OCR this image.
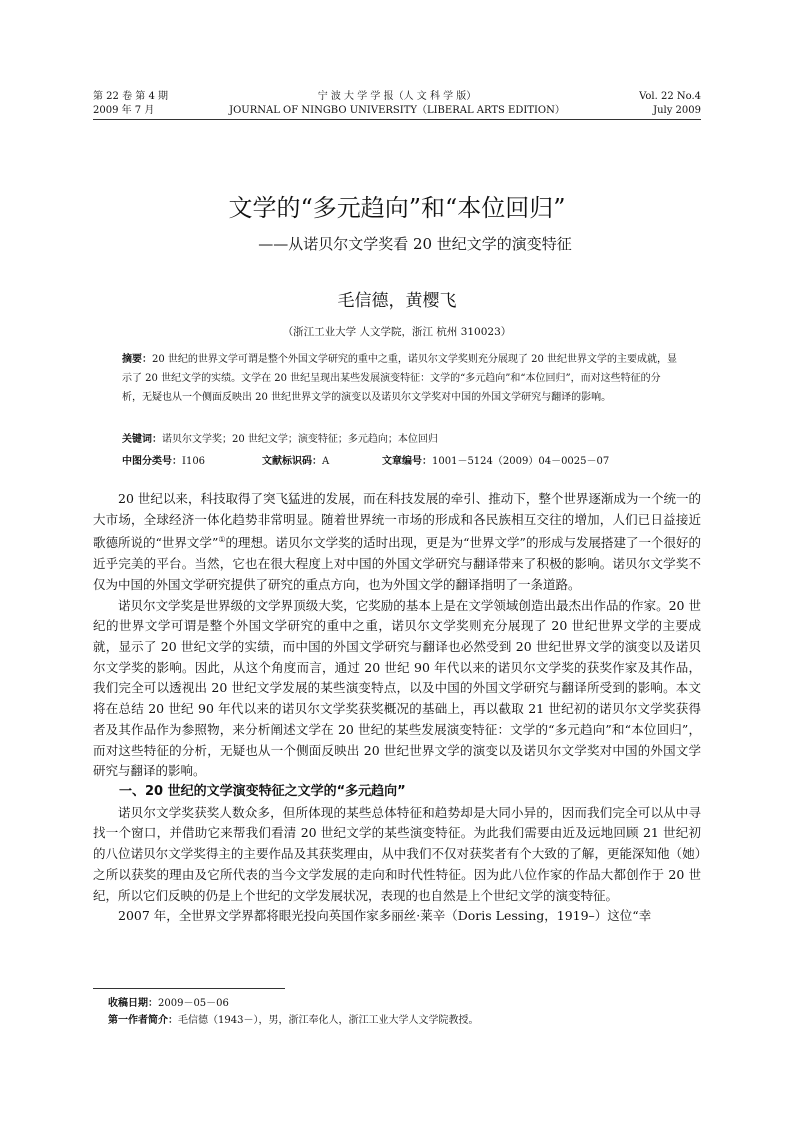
第 22 卷 第 4 期
2009 年 7 月
宁 波 大 学 学 报（人 文 科 学 版）
JOURNAL OF NINGBO UNIVERSITY（LIBERAL ARTS EDITION）
Vol. 22 No.4
July 2009
文学的“多元趋向”和“本位回归”
——从诺贝尔文学奖看 20 世纪文学的演变特征
毛信德，黄樱飞
（浙江工业大学 人文学院，浙江 杭州 310023）
摘要：20 世纪的世界文学可谓是整个外国文学研究的重中之重，诺贝尔文学奖则充分展现了 20 世纪世界文学的主要成就，显示了 20 世纪文学的实绩。文学在 20 世纪呈现出某些发展演变特征：文学的“多元趋向”和“本位回归”，而对这些特征的分析，无疑也从一个侧面反映出 20 世纪世界文学的演变以及诺贝尔文学奖对中国的外国文学研究与翻译的影响。
关键词：诺贝尔文学奖；20 世纪文学；演变特征；多元趋向；本位回归
中图分类号：I106	文献标识码：A	文章编号：1001－5124（2009）04－0025－07

20 世纪以来，科技取得了突飞猛进的发展，而在科技发展的牵引、推动下，整个世界逐渐成为一个统一的大市场，全球经济一体化趋势非常明显。随着世界统一市场的形成和各民族相互交往的增加，人们已日益接近歌德所说的“世界文学”①的理想。诺贝尔文学奖的适时出现，更是为“世界文学”的形成与发展搭建了一个很好的近乎完美的平台。当然，它也在很大程度上对中国的外国文学研究与翻译带来了积极的影响。诺贝尔文学奖不仅为中国的外国文学研究提供了研究的重点方向，也为外国文学的翻译指明了一条道路。

诺贝尔文学奖是世界级的文学界顶级大奖，它奖励的基本上是在文学领域创造出最杰出作品的作家。20 世纪的世界文学可谓是整个外国文学研究的重中之重，诺贝尔文学奖则充分展现了 20 世纪世界文学的主要成就，显示了 20 世纪文学的实绩，而中国的外国文学研究与翻译也必然受到 20 世纪世界文学的演变以及诺贝尔文学奖的影响。因此，从这个角度而言，通过 20 世纪 90 年代以来的诺贝尔文学奖的获奖作家及其作品，我们完全可以透视出 20 世纪文学发展的某些演变特点，以及中国的外国文学研究与翻译所受到的影响。本文将在总结 20 世纪 90 年代以来的诺贝尔文学奖获奖概况的基础上，再以截取 21 世纪初的诺贝尔文学奖获得者及其作品作为参照物，来分析阐述文学在 20 世纪的某些发展演变特征：文学的“多元趋向”和“本位回归”，而对这些特征的分析，无疑也从一个侧面反映出 20 世纪世界文学的演变以及诺贝尔文学奖对中国的外国文学研究与翻译的影响。

一、20 世纪的文学演变特征之文学的“多元趋向”

诺贝尔文学奖获奖人数众多，但所体现的某些总体特征和趋势却是大同小异的，因而我们完全可以从中寻找一个窗口，并借助它来帮我们看清 20 世纪文学的某些演变特征。为此我们需要由近及远地回顾 21 世纪初的八位诺贝尔文学奖得主的主要作品及其获奖理由，从中我们不仅对获奖者有个大致的了解，更能深知他（她）之所以获奖的理由及它所代表的当今文学发展的走向和时代性特征。因为此八位作家的作品大都创作于 20 世纪，所以它们反映的仍是上个世纪的文学发展状况，表现的也自然是上个世纪文学的演变特征。

2007 年，全世界文学界都将眼光投向英国作家多丽丝·莱辛（Doris Lessing，1919–）这位“幸

收稿日期：2009－05－06
第一作者简介：毛信德（1943－），男，浙江奉化人，浙江工业大学人文学院教授。
